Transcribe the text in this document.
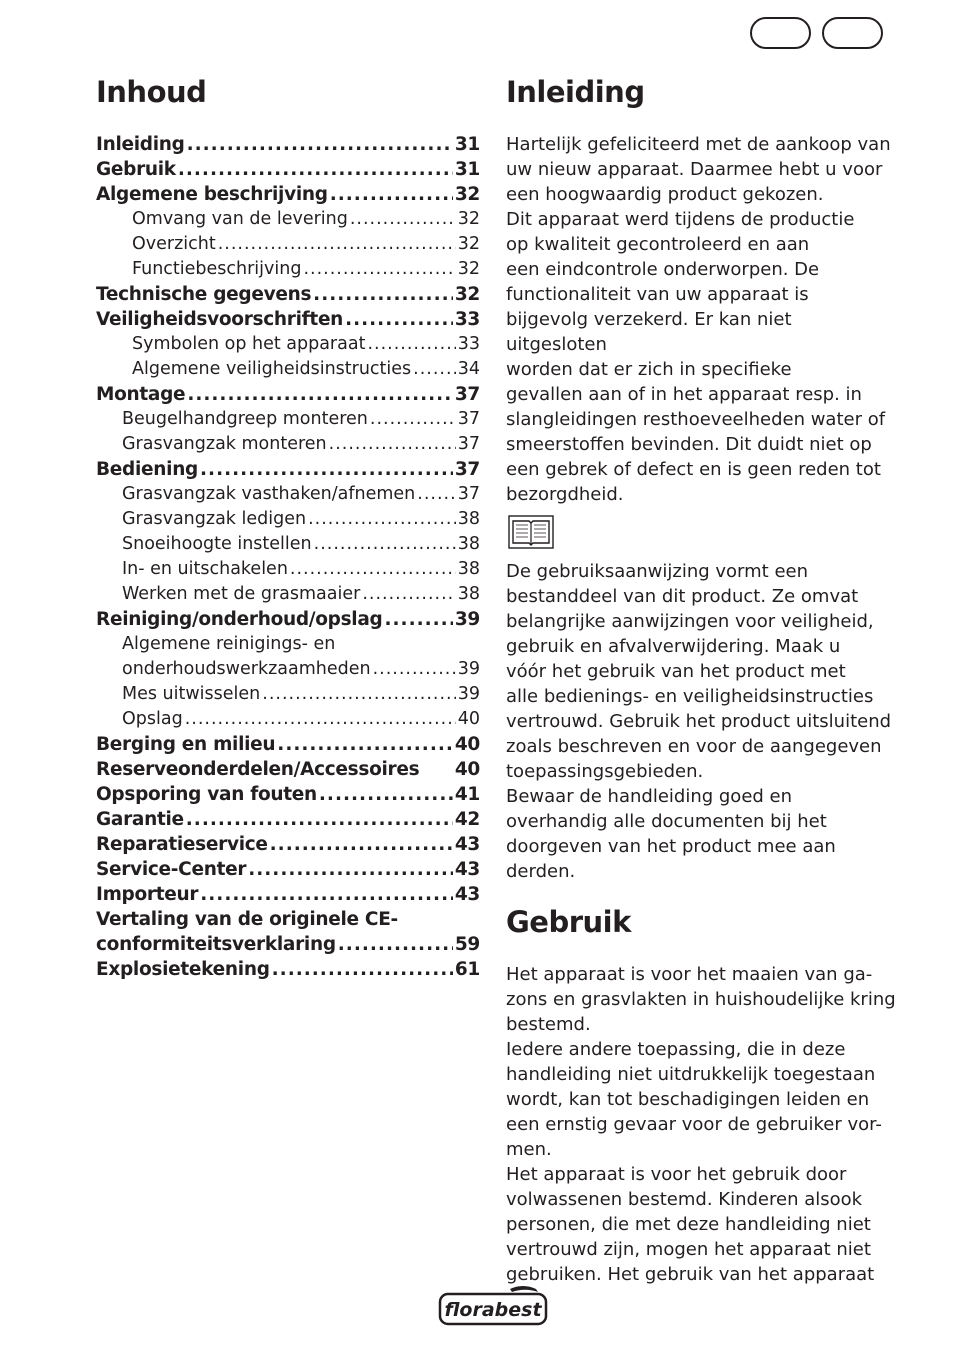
Inhoud
Inleiding .....	31
Gebruik .....	31
Algemene beschrijving .....	32
Omvang van de levering .....	32
Overzicht .....	32
Functiebeschrijving .....	32
Technische gegevens .....	32
Veiligheidsvoorschriften .....	33
Symbolen op het apparaat .....	33
Algemene veiligheidsinstructies .....	34
Montage .....	37
Beugelhandgreep monteren .....	37
Grasvangzak monteren .....	37
Bediening .....	37
Grasvangzak vasthaken/afnemen ..... 37
Grasvangzak ledigen .....	38
Snoeihoogte instellen .....	38
In- en uitschakelen .....	38
Werken met de grasmaaier .....	38
Reiniging/onderhoud/opslag .....	39
Algemene reinigings- en
onderhoudswerkzaamheden .....	39
Mes uitwisselen .....	39
Opslag .....	40
Berging en milieu .....	40
Reserveonderdelen/Accessoires 40
Opsporing van fouten .....	41
Garantie .....	42
Reparatieservice .....	43
Service-Center .....	43
Importeur .....	43
Vertaling van de originele CE-
conformiteitsverklaring .....	59
Explosietekening .....	61
Inleiding

Hartelijk gefeliciteerd met de aankoop van

uw nieuw apparaat. Daarmee hebt u voor

een hoogwaardig product gekozen.

Dit apparaat werd tijdens de productie

op kwaliteit gecontroleerd en aan

een eindcontrole onderworpen. De

functionaliteit van uw apparaat is

bijgevolg verzekerd. Er kan niet uitgesloten

worden dat er zich in specifieke

gevallen aan of in het apparaat resp. in

slangleidingen resthoeveelheden water of

smeerstoffen bevinden. Dit duidt niet op

een gebrek of defect en is geen reden tot

bezorgdheid.

De gebruiksaanwijzing vormt een

bestanddeel van dit product. Ze omvat

belangrijke aanwijzingen voor veiligheid,

gebruik en afvalverwijdering. Maak u

vóór het gebruik van het product met

alle bedienings- en veiligheidsinstructies

vertrouwd. Gebruik het product uitsluitend

zoals beschreven en voor de aangegeven

toepassingsgebieden.

Bewaar de handleiding goed en

overhandig alle documenten bij het

doorgeven van het product mee aan

derden.

Gebruik

Het apparaat is voor het maaien van ga-

zons en grasvlakten in huishoudelijke kring

bestemd.

Iedere andere toepassing, die in deze

handleiding niet uitdrukkelijk toegestaan

wordt, kan tot beschadigingen leiden en

een ernstig gevaar voor de gebruiker vor-

men.

Het apparaat is voor het gebruik door

volwassenen bestemd. Kinderen alsook

personen, die met deze handleiding niet

vertrouwd zijn, mogen het apparaat niet

gebruiken. Het gebruik van het apparaat

florabest
